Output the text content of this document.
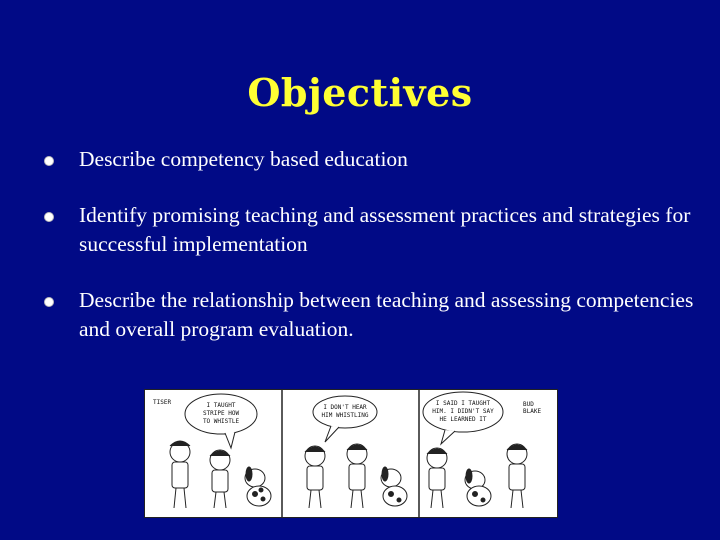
Objectives
Describe competency based education
Identify promising teaching and assessment practices and strategies for successful implementation
Describe the relationship between teaching and assessing competencies and overall program evaluation.
I TAUGHT
STRIPE HOW
TO WHISTLE
TISER
I DON'T HEAR
HIM WHISTLING
I SAID I TAUGHT
HIM. I DIDN'T SAY
HE LEARNED IT
BUD
BLAKE
